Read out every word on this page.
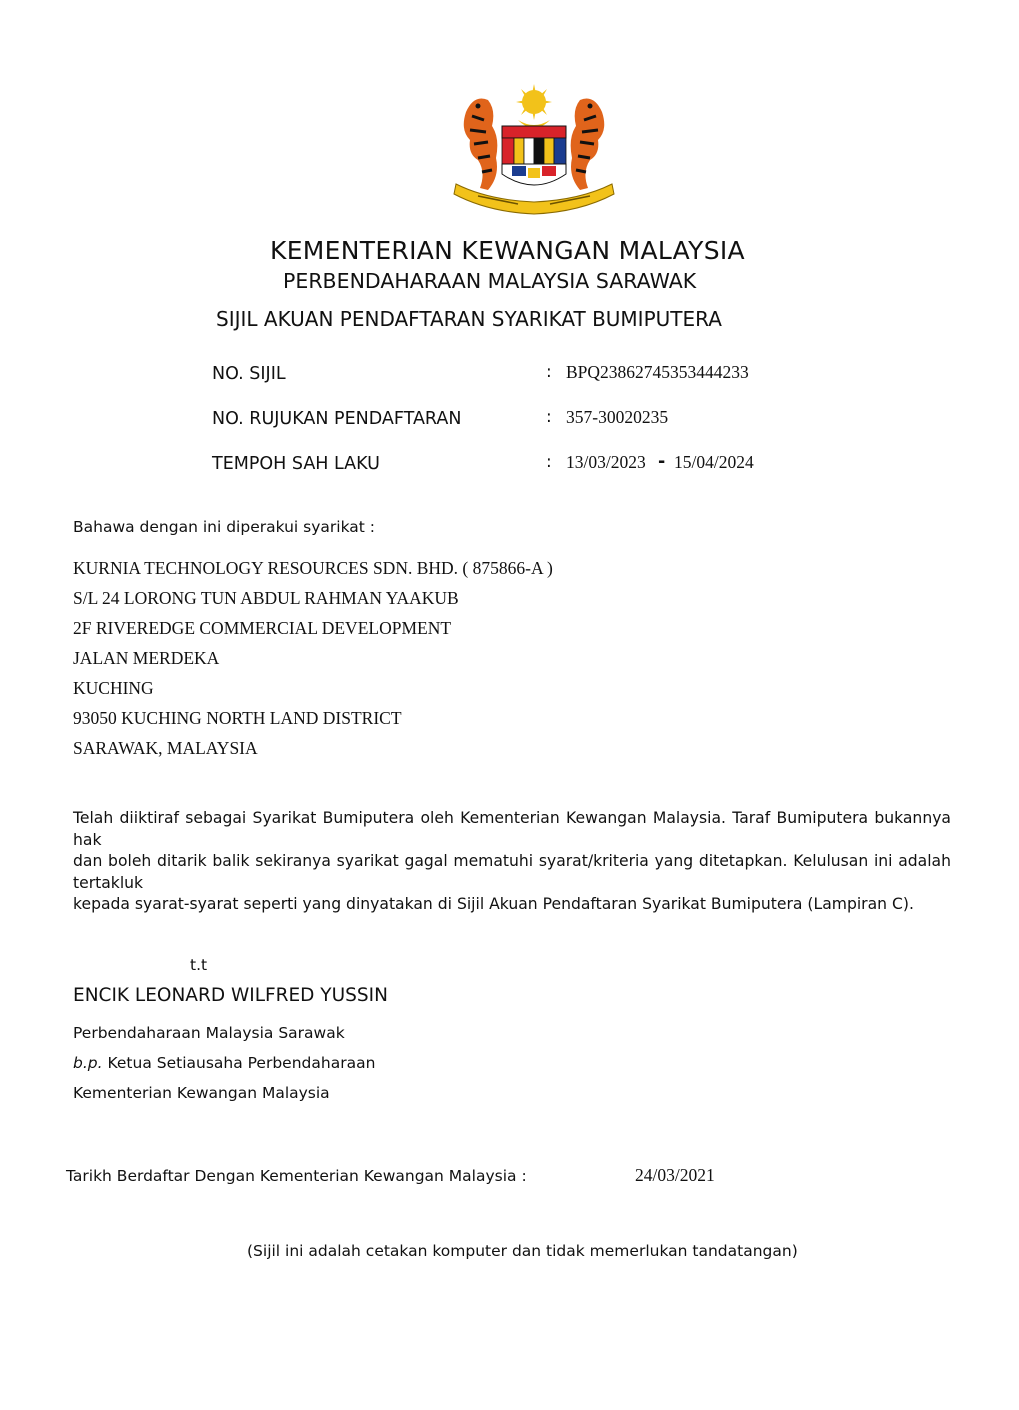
KEMENTERIAN KEWANGAN MALAYSIA
PERBENDAHARAAN MALAYSIA SARAWAK
SIJIL AKUAN PENDAFTARAN SYARIKAT BUMIPUTERA
NO. SIJIL	: BPQ23862745353444233
NO. RUJUKAN PENDAFTARAN	: 357-30020235
TEMPOH SAH LAKU	: 13/03/2023 - 15/04/2024
Bahawa dengan ini diperakui syarikat :
KURNIA TECHNOLOGY RESOURCES SDN. BHD. ( 875866-A )
S/L 24 LORONG TUN ABDUL RAHMAN YAAKUB
2F RIVEREDGE COMMERCIAL DEVELOPMENT
JALAN MERDEKA
KUCHING
93050 KUCHING NORTH LAND DISTRICT
SARAWAK, MALAYSIA
Telah diiktiraf sebagai Syarikat Bumiputera oleh Kementerian Kewangan Malaysia. Taraf Bumiputera bukannya hak
dan boleh ditarik balik sekiranya syarikat gagal mematuhi syarat/kriteria yang ditetapkan. Kelulusan ini adalah tertakluk
kepada syarat-syarat seperti yang dinyatakan di Sijil Akuan Pendaftaran Syarikat Bumiputera (Lampiran C).
t.t
ENCIK LEONARD WILFRED YUSSIN
Perbendaharaan Malaysia Sarawak
b.p. Ketua Setiausaha Perbendaharaan
Kementerian Kewangan Malaysia
Tarikh Berdaftar Dengan Kementerian Kewangan Malaysia :	24/03/2021
(Sijil ini adalah cetakan komputer dan tidak memerlukan tandatangan)
